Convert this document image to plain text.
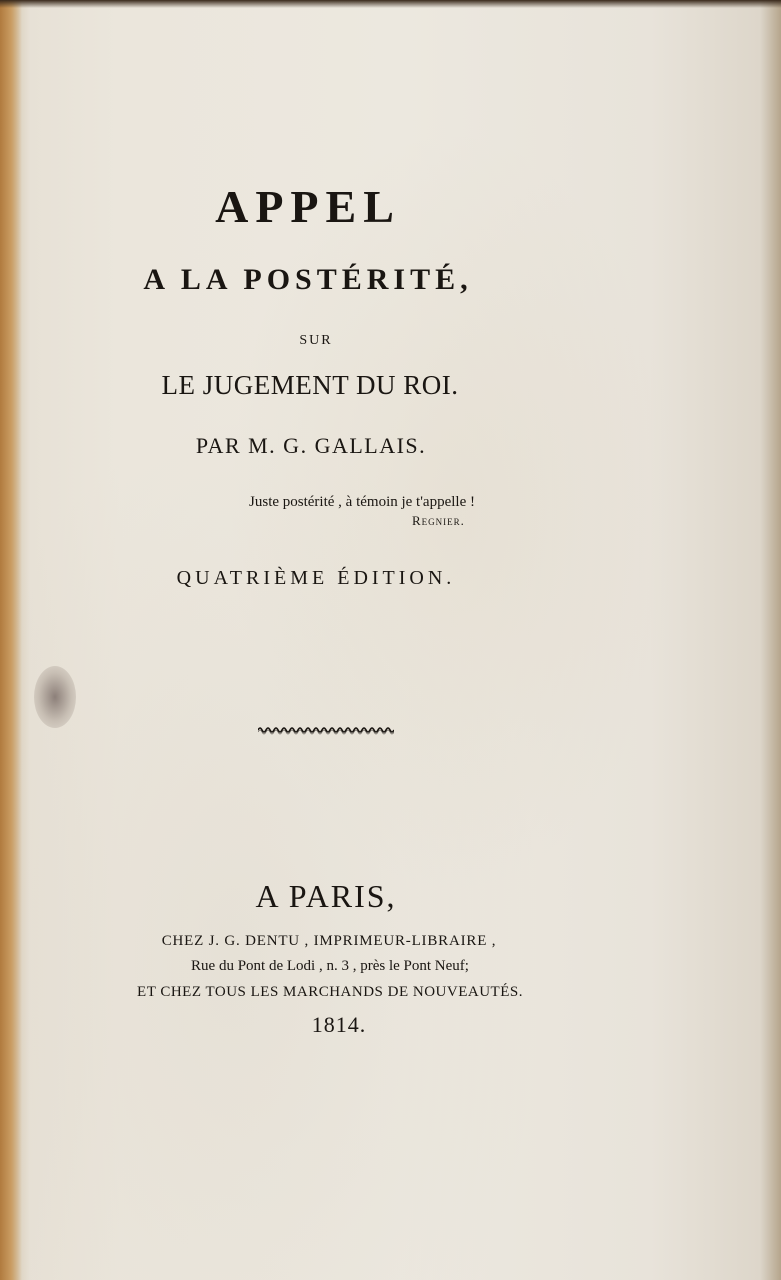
APPEL
A LA POSTÉRITÉ,
SUR
LE JUGEMENT DU ROI.
PAR M. G. GALLAIS.
Juste postérité , à témoin je t'appelle !
Regnier.
QUATRIÈME ÉDITION.
A PARIS,
CHEZ J. G. DENTU , IMPRIMEUR-LIBRAIRE ,
Rue du Pont de Lodi , n. 3 , près le Pont Neuf;
ET CHEZ TOUS LES MARCHANDS DE NOUVEAUTÉS.
1814.
